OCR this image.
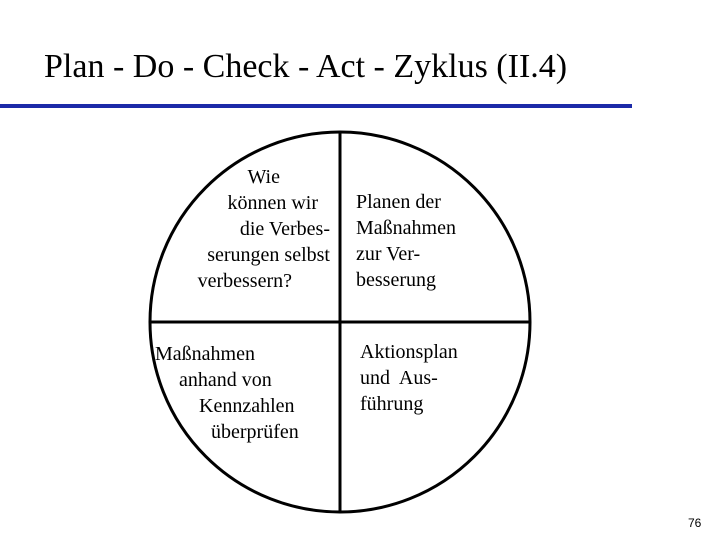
Plan - Do - Check - Act - Zyklus (II.4)
Wie
können wir
die Verbes-
serungen selbst
verbessern?
Planen der
Maßnahmen
zur Ver-
besserung
Aktionsplan
und  Aus-
führung
Maßnahmen
anhand von
Kennzahlen
überprüfen
76
